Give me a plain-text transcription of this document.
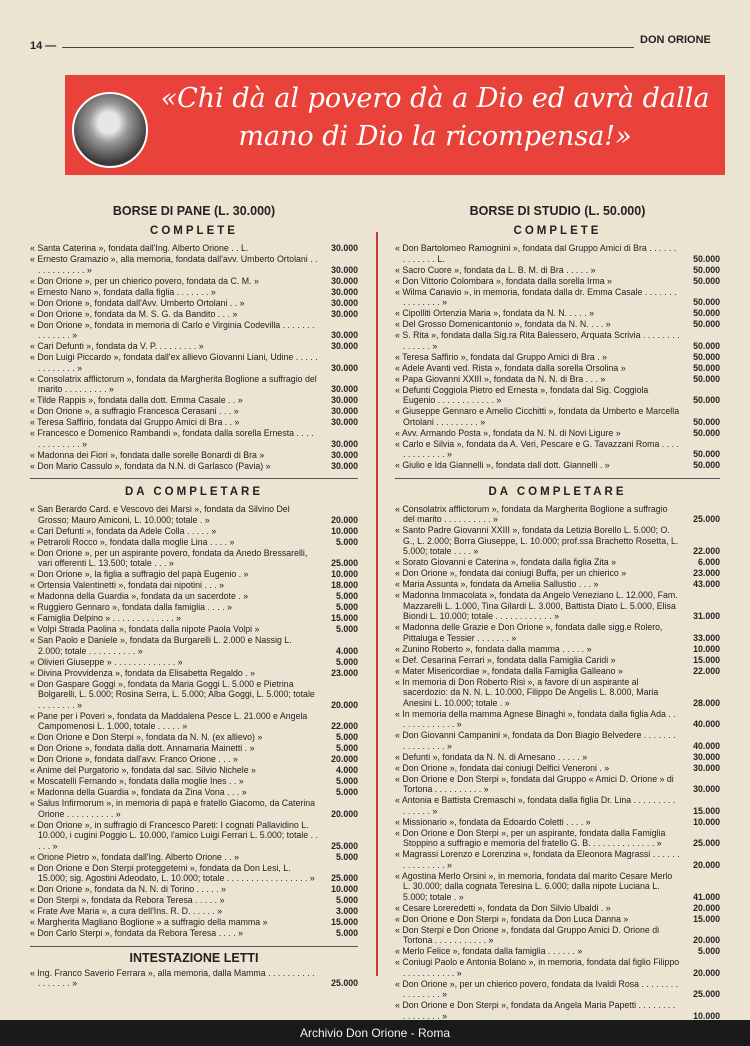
14 —	DON ORIONE
«Chi dà al povero dà a Dio ed avrà dalla mano di Dio la ricompensa!»
BORSE DI PANE (L. 30.000)
COMPLETE
« Santa Caterina », fondata dall'Ing. Alberto Orione . . L.	30.000
« Ernesto Gramazio », alla memoria, fondata dall'avv. Umberto Ortolani . . . . . . . . . . . . »	30.000
« Don Orione », per un chierico povero, fondata da C. M. »	30.000
« Ernesto Nano », fondata dalla figlia . . . . . . . »	30.000
« Don Orione », fondata dall'Avv. Umberto Ortolani . . »	30.000
« Don Orione », fondata da M. S. G. da Bandito . . . »	30.000
« Don Orione », fondata in memoria di Carlo e Virginia Codevilla . . . . . . . . . . . . . . »	30.000
« Cari Defunti », fondata da V. P. . . . . . . . . »	30.000
« Don Luigi Piccardo », fondata dall'ex allievo Giovanni Liani, Udine . . . . . . . . . . . . . »	30.000
« Consolatrix afflictorum », fondata da Margherita Boglione a suffragio del marito . . . . . . . . . »	30.000
« Tilde Rappis », fondata dalla dott. Emma Casale . . »	30.000
« Don Orione », a suffragio Francesca Cerasani . . . »	30.000
« Teresa Saffirio, fondata dal Gruppo Amici di Bra . . »	30.000
« Francesco e Domenico Rambandi », fondata dalla sorella Ernesta . . . . . . . . . . . . . »	30.000
« Madonna dei Fiori », fondata dalle sorelle Bonardi di Bra »	30.000
« Don Mario Cassulo », fondata da N.N. di Garlasco (Pavia) »	30.000
DA COMPLETARE
« San Berardo Card. e Vescovo dei Marsi », fondata da Silvino Del Grosso; Mauro Amiconi, L. 10.000; totale . »	20.000
« Cari Defunti », fondata da Adele Colla . . . . . »	10.000
« Petraroli Rocco », fondata dalla moglie Lina . . . . »	5.000
« Don Orione », per un aspirante povero, fondata da Anedo Bressarelli, vari offerenti L. 13.500; totale . . . »	25.000
« Don Orione », la figlia a suffragio del papà Eugenio . »	10.000
« Ortensia Valentinetti », fondata dai nipotini . . . »	18.000
« Madonna della Guardia », fondata da un sacerdote . »	5.000
« Ruggiero Gennaro », fondata dalla famiglia . . . . »	5.000
« Famiglia Delpino » . . . . . . . . . . . . . »	15.000
« Volpi Strada Paolina », fondata dalla nipote Paola Volpi »	5.000
« San Paolo e Daniele », fondata da Burgarelli L. 2.000 e Nassig L. 2.000; totale . . . . . . . . . . »	4.000
« Olivieri Giuseppe » . . . . . . . . . . . . . »	5.000
« Divina Provvidenza », fondata da Elisabetta Regaldo . »	23.000
« Don Gaspare Goggi », fondata da Maria Goggi L. 5.000 e Pietrina Bolgarelli, L. 5.000; Rosina Serra, L. 5.000; Alba Goggi, L. 5.000; totale . . . . . . . . »	20.000
« Pane per i Poveri », fondata da Maddalena Pesce L. 21.000 e Angela Campomenosi L. 1.000, totale . . . . . »	22.000
« Don Orione e Don Sterpi », fondata da N. N. (ex allievo) »	5.000
« Don Orione », fondata dalla dott. Annamaria Mainetti . »	5.000
« Don Orione », fondata dall'avv. Franco Orione . . . »	20.000
« Anime del Purgatorio », fondata dal sac. Silvio Nichele »	4.000
« Moscatelli Fernando », fondata dalla moglie Ines . . »	5.000
« Madonna della Guardia », fondata da Zina Vona . . . »	5.000
« Salus Infirmorum », in memoria di papà e fratello Giacomo, da Caterina Orione . . . . . . . . . . »	20.000
« Don Orione », in suffragio di Francesco Pareti: I cognati Pallavidino L. 10.000, i cugini Poggio L. 10.000, l'amico Luigi Ferrari L. 5.000; totale . . . . . »	25.000
« Orione Pietro », fondata dall'Ing. Alberto Orione . . »	5.000
« Don Orione e Don Sterpi proteggetemi », fondata da Don Lesi, L. 15.000; sig. Agostini Adeodato, L. 10.000; totale . . . . . . . . . . . . . . . . . »	25.000
« Don Orione », fondata da N. N. di Torino . . . . . »	10.000
« Don Sterpi », fondata da Rebora Teresa . . . . . »	5.000
« Frate Ave Maria », a cura dell'Ins. R. D. . . . . . »	3.000
« Margherita Magliano Boglione » a suffragio della mamma »	15.000
« Don Carlo Sterpi », fondata da Rebora Teresa . . . . »	5.000
INTESTAZIONE LETTI
« Ing. Franco Saverio Ferrara », alla memoria, dalla Mamma . . . . . . . . . . . . . . . . . »	25.000
BORSE DI STUDIO (L. 50.000)
COMPLETE
« Don Bartolomeo Ramognini », fondata dal Gruppo Amici di Bra . . . . . . . . . . . . . L.	50.000
« Sacro Cuore », fondata da L. B. M. di Bra . . . . . »	50.000
« Don Vittorio Colombara », fondata dalla sorella Irma »	50.000
« Wilma Canavio », in memoria, fondata dalla dr. Emma Casale . . . . . . . . . . . . . . . »	50.000
« Cipolliti Ortenzia Maria », fondata da N. N. . . . . »	50.000
« Del Grosso Domenicantonio », fondata da N. N. . . . »	50.000
« S. Rita », fondata dalla Sig.ra Rita Balessero, Arquata Scrivia . . . . . . . . . . . . . . »	50.000
« Teresa Saffirio », fondata dal Gruppo Amici di Bra . »	50.000
« Adele Avanti ved. Rista », fondata dalla sorella Orsolina »	50.000
« Papa Giovanni XXIII », fondata da N. N. di Bra . . . »	50.000
« Defunti Coggiola Pietro ed Ernesta », fondata dal Sig. Coggiola Eugenio . . . . . . . . . . . . »	50.000
« Giuseppe Gennaro e Amelio Cicchitti », fondata da Umberto e Marcella Ortolani . . . . . . . . . »	50.000
« Avv. Armando Posta », fondata da N. N. di Novi Ligure »	50.000
« Carlo e Silvia », fondata da A. Veri, Pescare e G. Tavazzani Roma . . . . . . . . . . . . . »	50.000
« Giulio e Ida Giannelli », fondata dall dott. Giannelli . »	50.000
DA COMPLETARE
« Consolatrix afflictorum », fondata da Margherita Boglione a suffragio del marito . . . . . . . . . . »	25.000
« Santo Padre Giovanni XXIII », fondata da Letizia Borello L. 5.000; O. G., L. 2.000; Borra Giuseppe, L. 10.000; prof.ssa Brachetto Rosetta, L. 5.000; totale . . . . »	22.000
« Sorato Giovanni e Caterina », fondata dalla figlia Zita »	6.000
« Don Orione », fondata dai coniugi Buffa, per un chierico »	23.000
« Maria Assunta », fondata da Amelia Sallustio . . . »	43.000
« Madonna Immacolata », fondata da Angelo Veneziano L. 12.000, Fam. Mazzarelli L. 1.000, Tina Gilardi L. 3.000, Battista Diato L. 5.000, Elisa Biondi L. 10.000; totale . . . . . . . . . . . . »	31.000
« Madonna delle Grazie e Don Orione », fondata dalle sigg.e Rolero, Pittaluga e Tessier . . . . . . . »	33.000
« Zunino Roberto », fondata dalla mamma . . . . . »	10.000
« Def. Cesarina Ferrari », fondata dalla Famiglia Caridi »	15.000
« Mater Misericordiae », fondata dalla Famiglia Galleano »	22.000
« In memoria di Don Roberto Risi », a favore di un aspirante al sacerdozio: da N. N. L. 10.000, Filippo De Angelis L. 8.000, Maria Anesini L. 10.000; totale . »	28.000
« In memoria della mamma Agnese Binaghi », fondata dalla figlia Ada . . . . . . . . . . . . . »	40.000
« Don Giovanni Campanini », fondata da Don Biagio Belvedere . . . . . . . . . . . . . . . . »	40.000
« Defunti », fondata da N. N. di Arnesano . . . . . »	30.000
« Don Orione », fondata dai coniugi Delfici Veneroni . »	30.000
« Don Orione e Don Sterpi », fondata dal Gruppo « Amici D. Orione » di Tortona . . . . . . . . . . »	30.000
« Antonia e Battista Cremaschi », fondata dalla figlia Dr. Lina . . . . . . . . . . . . . . . »	15.000
« Missionario », fondata da Edoardo Coletti . . . . »	10.000
« Don Orione e Don Sterpi », per un aspirante, fondata dalla Famiglia Stoppino a suffragio e memoria del fratello G. B. . . . . . . . . . . . . . »	25.000
« Magrassi Lorenzo e Lorenzina », fondata da Eleonora Magrassi . . . . . . . . . . . . . . . »	20.000
« Agostina Merlo Orsini », in memoria, fondata dal marito Cesare Merlo L. 30.000; dalla cognata Teresina L. 6.000; dalla nipote Luciana L. 5.000; totale . »	41.000
« Cesare Loreredetti », fondata da Don Silvio Ubaldi . »	20.000
« Don Orione e Don Sterpi », fondata da Don Luca Danna »	15.000
« Don Sterpi e Don Orione », fondata dal Gruppo Amici D. Orione di Tortona . . . . . . . . . . . »	20.000
« Merlo Felice », fondata dalla famiglia . . . . . . »	5.000
« Coniugi Paolo e Antonia Bolano », in memoria, fondata dal figlio Filippo . . . . . . . . . . . »	20.000
« Don Orione », per un chierico povero, fondata da Ivaldi Rosa . . . . . . . . . . . . . . . . »	25.000
« Don Orione e Don Sterpi », fondata da Angela Maria Papetti . . . . . . . . . . . . . . . . »	10.000
Archivio Don Orione - Roma
